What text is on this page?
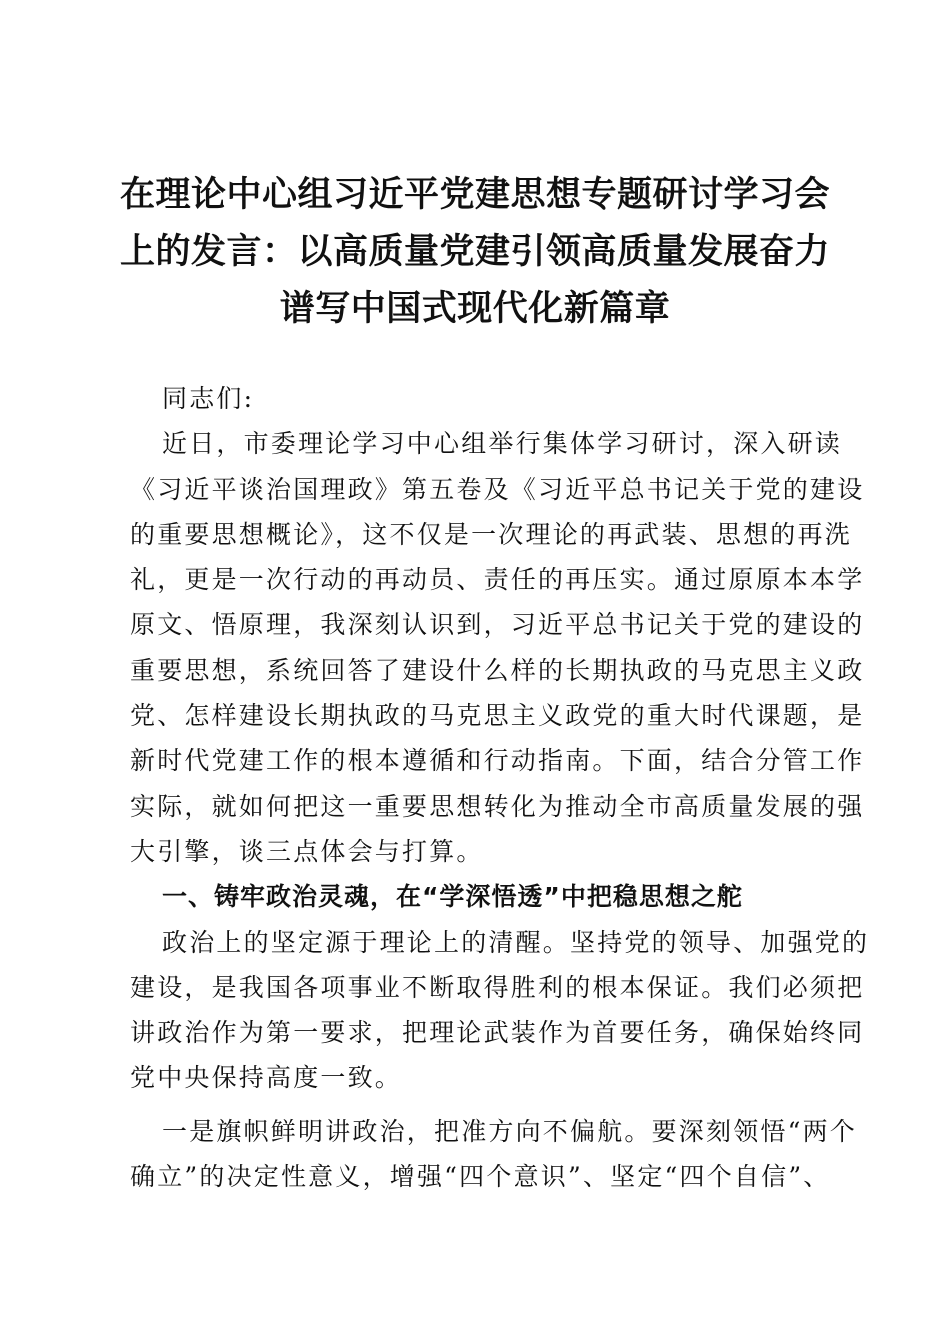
在理论中心组习近平党建思想专题研讨学习会
上的发言：以高质量党建引领高质量发展奋力
谱写中国式现代化新篇章
同志们:
近日，市委理论学习中心组举行集体学习研讨，深入研读
《习近平谈治国理政》第五卷及《习近平总书记关于党的建设
的重要思想概论》，这不仅是一次理论的再武装、思想的再洗
礼，更是一次行动的再动员、责任的再压实。通过原原本本学
原文、悟原理，我深刻认识到，习近平总书记关于党的建设的
重要思想，系统回答了建设什么样的长期执政的马克思主义政
党、怎样建设长期执政的马克思主义政党的重大时代课题，是
新时代党建工作的根本遵循和行动指南。下面，结合分管工作
实际，就如何把这一重要思想转化为推动全市高质量发展的强
大引擎，谈三点体会与打算。
一、铸牢政治灵魂，在“学深悟透”中把稳思想之舵
政治上的坚定源于理论上的清醒。坚持党的领导、加强党的
建设，是我国各项事业不断取得胜利的根本保证。我们必须把
讲政治作为第一要求，把理论武装作为首要任务，确保始终同
党中央保持高度一致。
一是旗帜鲜明讲政治，把准方向不偏航。要深刻领悟“两个
确立”的决定性意义，增强“四个意识”、坚定“四个自信”、
